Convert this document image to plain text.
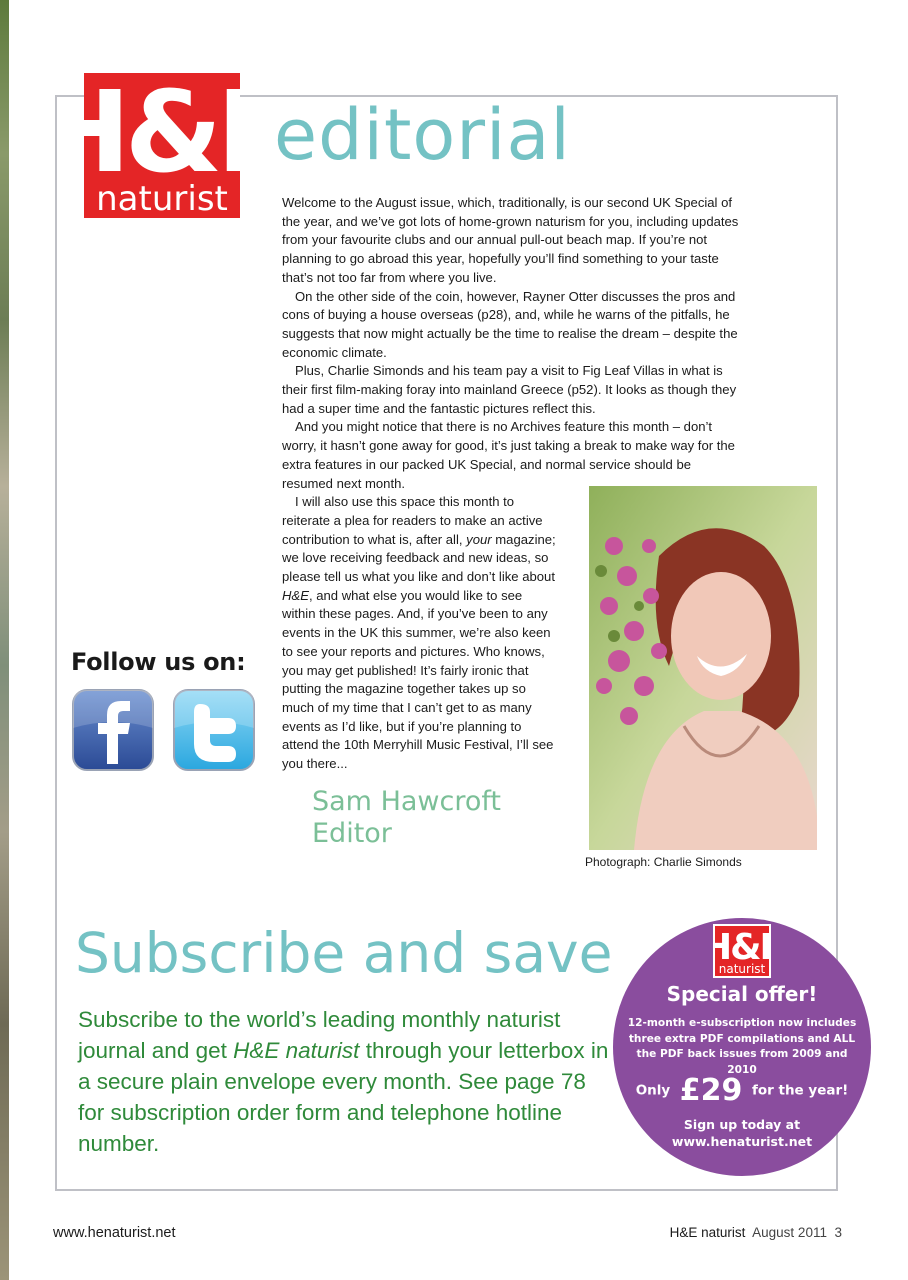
&
naturist
editorial

Welcome to the August issue, which, traditionally, is our second UK Special of the year, and we’ve got lots of home-grown naturism for you, including updates from your favourite clubs and our annual pull-out beach map. If you’re not planning to go abroad this year, hopefully you’ll find something to your taste that’s not too far from where you live.

On the other side of the coin, however, Rayner Otter discusses the pros and cons of buying a house overseas (p28), and, while he warns of the pitfalls, he suggests that now might actually be the time to realise the dream – despite the economic climate.

Plus, Charlie Simonds and his team pay a visit to Fig Leaf Villas in what is their first film-making foray into mainland Greece (p52). It looks as though they had a super time and the fantastic pictures reflect this.

And you might notice that there is no Archives feature this month – don’t worry, it hasn’t gone away for good, it’s just taking a break to make way for the extra features in our packed UK Special, and normal service should be resumed next month.

I will also use this space this month to reiterate a plea for readers to make an active contribution to what is, after all, your magazine; we love receiving feedback and new ideas, so please tell us what you like and don’t like about H&E, and what else you would like to see within these pages. And, if you’ve been to any events in the UK this summer, we’re also keen to see your reports and pictures. Who knows, you may get published! It’s fairly ironic that putting the magazine together takes up so much of my time that I can’t get to as many events as I’d like, but if you’re planning to attend the 10th Merryhill Music Festival, I’ll see you there...

Photograph: Charlie Simonds
Sam Hawcroft
Editor
Follow us on:
Subscribe and save
Subscribe to the world’s leading monthly naturist journal and get H&E naturist through your letterbox in a secure plain envelope every month. See page 78 for subscription order form and telephone hotline number.
H&
naturist
Special offer!
12-month e-subscription now includes three extra PDF compilations and ALL the PDF back issues from 2009 and 2010
Only £29 for the year!
Sign up today at
www.henaturist.net
www.henaturist.net	H&E naturist August 2011 3
